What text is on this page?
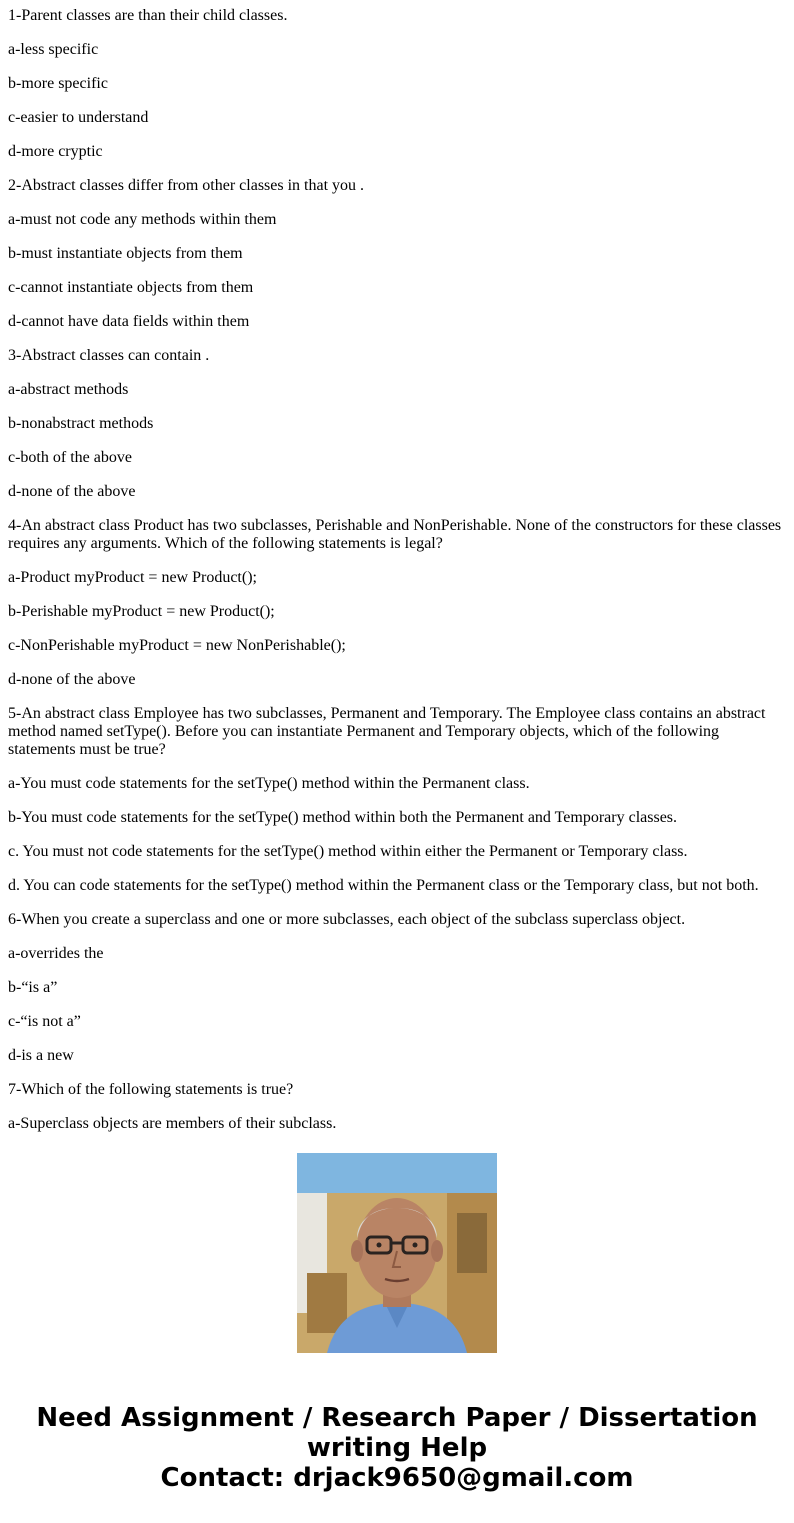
1-Parent classes are than their child classes.

a-less specific

b-more specific

c-easier to understand

d-more cryptic

2-Abstract classes differ from other classes in that you .

a-must not code any methods within them

b-must instantiate objects from them

c-cannot instantiate objects from them

d-cannot have data fields within them

3-Abstract classes can contain .

a-abstract methods

b-nonabstract methods

c-both of the above

d-none of the above

4-An abstract class Product has two subclasses, Perishable and NonPerishable. None of the constructors for these classes requires any arguments. Which of the following statements is legal?

a-Product myProduct = new Product();

b-Perishable myProduct = new Product();

c-NonPerishable myProduct = new NonPerishable();

d-none of the above

5-An abstract class Employee has two subclasses, Permanent and Temporary. The Employee class contains an abstract method named setType(). Before you can instantiate Permanent and Temporary objects, which of the following statements must be true?

a-You must code statements for the setType() method within the Permanent class.

b-You must code statements for the setType() method within both the Permanent and Temporary classes.

c. You must not code statements for the setType() method within either the Permanent or Temporary class.

d. You can code statements for the setType() method within the Permanent class or the Temporary class, but not both.

6-When you create a superclass and one or more subclasses, each object of the subclass superclass object.

a-overrides the

b-“is a”

c-“is not a”

d-is a new

7-Which of the following statements is true?

a-Superclass objects are members of their subclass.

Need Assignment / Research Paper / Dissertation
writing Help
Contact: drjack9650@gmail.com
